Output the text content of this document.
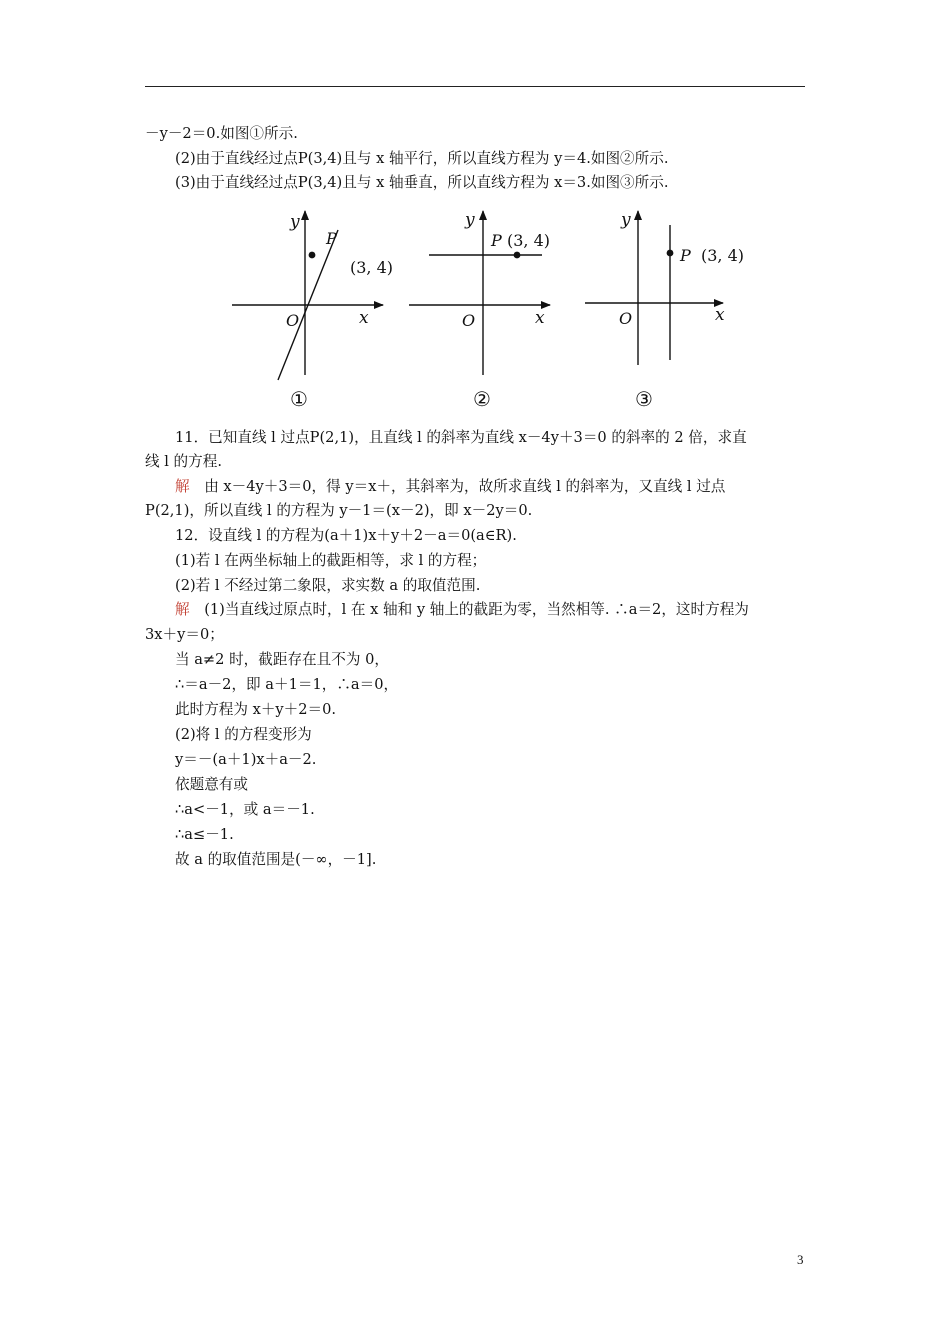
－y－2＝0.如图①所示.
(2)由于直线经过点P(3,4)且与 x 轴平行，所以直线方程为 y＝4.如图②所示.
(3)由于直线经过点P(3,4)且与 x 轴垂直，所以直线方程为 x＝3.如图③所示.
y
x
O
P
(3, 4)
①
y
x
O
P (3, 4)
②
y
x
O
P (3, 4)
③
11．已知直线 l 过点P(2,1)，且直线 l 的斜率为直线 x－4y＋3＝0 的斜率的 2 倍，求直
线 l 的方程.
解　由 x－4y＋3＝0，得 y＝x＋，其斜率为，故所求直线 l 的斜率为，又直线 l 过点
P(2,1)，所以直线 l 的方程为 y－1＝(x－2)，即 x－2y＝0.
12．设直线 l 的方程为(a＋1)x＋y＋2－a＝0(a∈R).
(1)若 l 在两坐标轴上的截距相等，求 l 的方程；
(2)若 l 不经过第二象限，求实数 a 的取值范围.
解　(1)当直线过原点时，l 在 x 轴和 y 轴上的截距为零，当然相等. ∴a＝2，这时方程为
3x＋y＝0；
当 a≠2 时，截距存在且不为 0，
∴＝a－2，即 a＋1＝1，∴a＝0，
此时方程为 x＋y＋2＝0.
(2)将 l 的方程变形为
y＝－(a＋1)x＋a－2.
依题意有或
∴a<－1，或 a＝－1.
∴a≤－1.
故 a 的取值范围是(－∞，－1].
3
